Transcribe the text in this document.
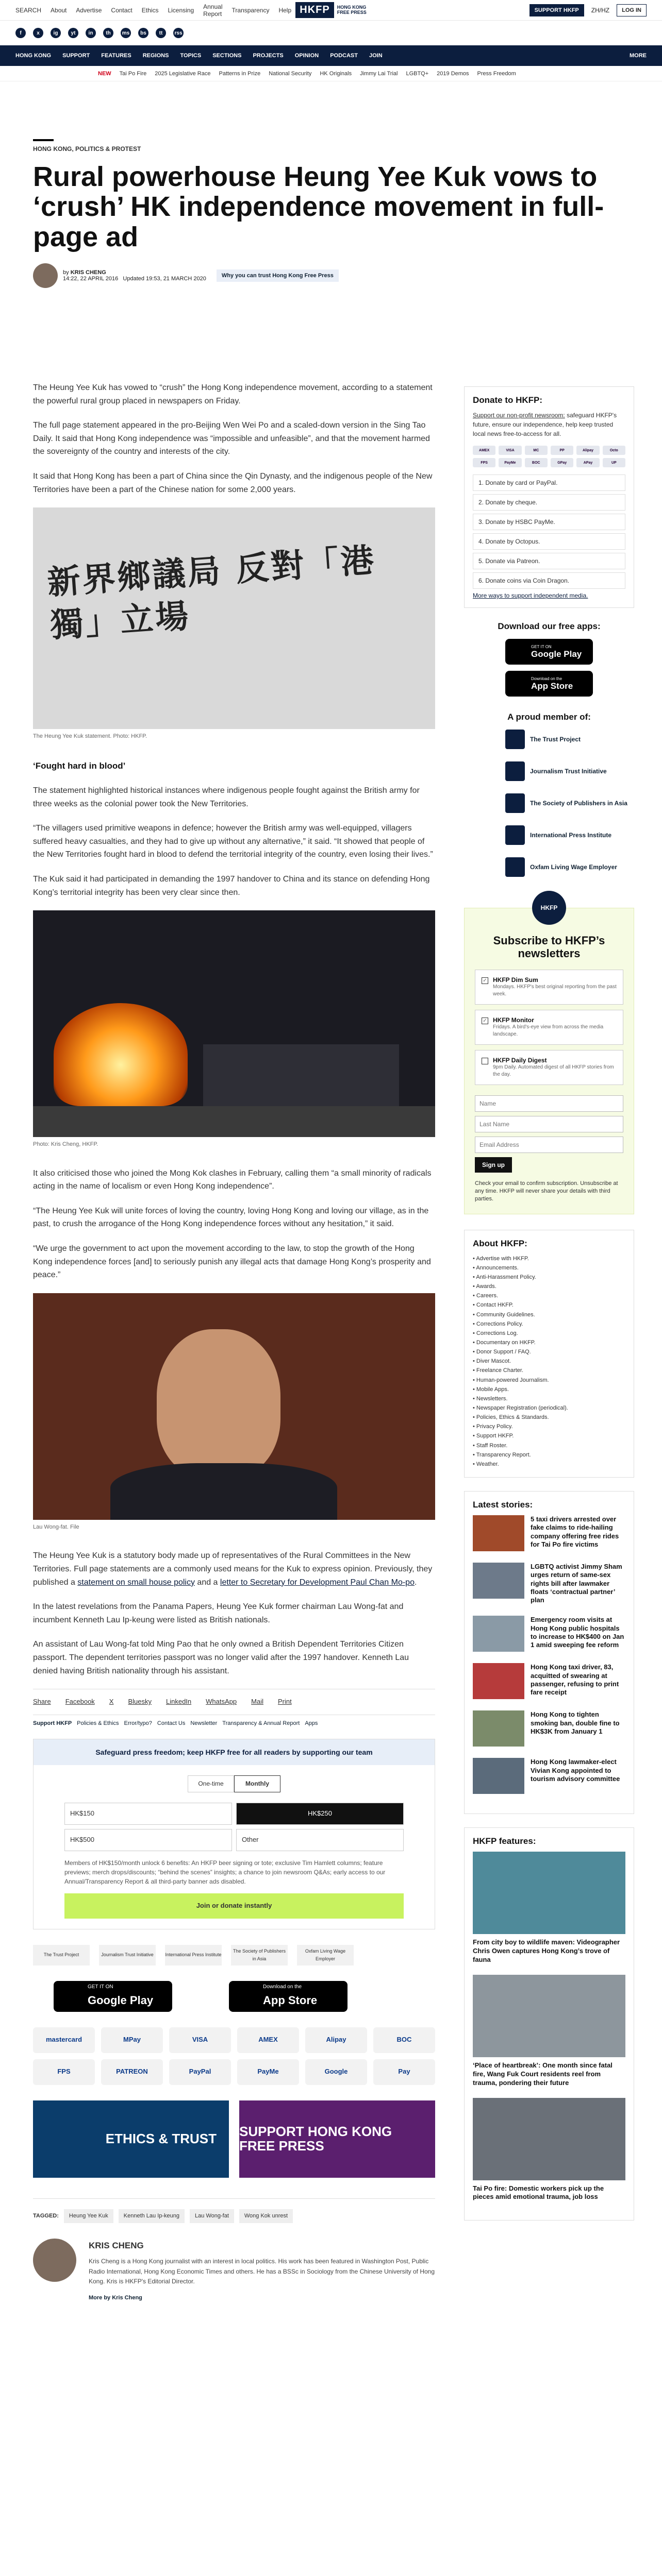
SEARCH About Advertise Contact Ethics Licensing Annual Report Transparency Help HKFP	HONG KONG
FREE PRESS	SUPPORT HKFP	ZH/HZ	LOG IN
f	x	ig	yt	in	th	ms	bs	tt	rss
HONG KONG SUPPORT FEATURES REGIONS TOPICS SECTIONS PROJECTS OPINION PODCAST JOIN	MORE
NEW Tai Po Fire 2025 Legislative Race Patterns in Prize National Security HK Originals Jimmy Lai Trial LGBTQ+ 2019 Demos Press Freedom
HONG KONG, POLITICS & PROTEST
Rural powerhouse Heung Yee Kuk vows to ‘crush’ HK independence movement in full-page ad
by KRIS CHENG
14:22, 22 APRIL 2016 Updated 19:53, 21 MARCH 2020	Why you can trust Hong Kong Free Press

The Heung Yee Kuk has vowed to “crush” the Hong Kong independence movement, according to a statement the powerful rural group placed in newspapers on Friday.

The full page statement appeared in the pro-Beijing Wen Wei Po and a scaled-down version in the Sing Tao Daily. It said that Hong Kong independence was “impossible and unfeasible”, and that the movement harmed the sovereignty of the country and interests of the city.

It said that Hong Kong has been a part of China since the Qin Dynasty, and the indigenous people of the New Territories have been a part of the Chinese nation for some 2,000 years.

新界鄉議局 反對「港獨」立場
The Heung Yee Kuk statement. Photo: HKFP.
‘Fought hard in blood’

The statement highlighted historical instances where indigenous people fought against the British army for three weeks as the colonial power took the New Territories.

“The villagers used primitive weapons in defence; however the British army was well-equipped, villagers suffered heavy casualties, and they had to give up without any alternative,” it said. “It showed that people of the New Territories fought hard in blood to defend the territorial integrity of the country, even losing their lives.”

The Kuk said it had participated in demanding the 1997 handover to China and its stance on defending Hong Kong’s territorial integrity has been very clear since then.

Photo: Kris Cheng, HKFP.

It also criticised those who joined the Mong Kok clashes in February, calling them “a small minority of radicals acting in the name of localism or even Hong Kong independence”.

“The Heung Yee Kuk will unite forces of loving the country, loving Hong Kong and loving our village, as in the past, to crush the arrogance of the Hong Kong independence forces without any hesitation,” it said.

“We urge the government to act upon the movement according to the law, to stop the growth of the Hong Kong independence forces [and] to seriously punish any illegal acts that damage Hong Kong’s prosperity and peace.”

Lau Wong-fat. File

The Heung Yee Kuk is a statutory body made up of representatives of the Rural Committees in the New Territories. Full page statements are a commonly used means for the Kuk to express opinion. Previously, they published a statement on small house policy and a letter to Secretary for Development Paul Chan Mo-po.

In the latest revelations from the Panama Papers, Heung Yee Kuk former chairman Lau Wong-fat and incumbent Kenneth Lau Ip-keung were listed as British nationals.

An assistant of Lau Wong-fat told Ming Pao that he only owned a British Dependent Territories Citizen passport. The dependent territories passport was no longer valid after the 1997 handover. Kenneth Lau denied having British nationality through his assistant.

Share Facebook X Bluesky LinkedIn WhatsApp Mail Print
Support HKFP Policies & Ethics Error/typo? Contact Us Newsletter Transparency & Annual Report Apps
Safeguard press freedom; keep HKFP free for all readers by supporting our team
One-time	Monthly
HK$150	HK$250
HK$500	Other
Members of HK$150/month unlock 6 benefits: An HKFP beer signing or tote; exclusive Tim Hamlett columns; feature previews; merch drops/discounts; “behind the scenes” insights; a chance to join newsroom Q&As; early access to our Annual/Transparency Report & all third-party banner ads disabled.
Join or donate instantly
The Trust Project	Journalism Trust Initiative	International Press Institute
The Society of Publishers in Asia
Oxfam Living Wage Employer
GET IT ON
Google Play
Download on the
App Store
mastercard	MPay	VISA	AMEX	Alipay	BOC
FPS	PATREON	PayPal	PayMe	Google	Pay
ETHICS & TRUST	SUPPORT HONG KONG FREE PRESS
TAGGED:	Heung Yee Kuk	Kenneth Lau Ip-keung	Lau Wong-fat	Wong Kok unrest
KRIS CHENG

Kris Cheng is a Hong Kong journalist with an interest in local politics. His work has been featured in Washington Post, Public Radio International, Hong Kong Economic Times and others. He has a BSSc in Sociology from the Chinese University of Hong Kong. Kris is HKFP's Editorial Director.

More by Kris Cheng
Donate to HKFP:
Support our non-profit newsroom: safeguard HKFP's future, ensure our independence, help keep trusted local news free-to-access for all.
AMEX	VISA	MC	PP	Alipay	Octo
FPS	PayMe	BOC	GPay	APay	UP
1. Donate by card or PayPal.
2. Donate by cheque.
3. Donate by HSBC PayMe.
4. Donate by Octopus.
5. Donate via Patreon.
6. Donate coins via Coin Dragon.
More ways to support independent media.
Download our free apps:
GET IT ON
Google Play
Download on the
App Store
A proud member of:
The Trust Project
Journalism Trust Initiative
The Society of Publishers in Asia
International Press Institute
Oxfam Living Wage Employer
HKFP
Subscribe to HKFP’s newsletters
✓ HKFP Dim Sum
Mondays. HKFP's best original reporting from the past week.
✓ HKFP Monitor
Fridays. A bird's-eye view from across the media landscape.
HKFP Daily Digest
9pm Daily. Automated digest of all HKFP stories from the day.
Name Last Name Email Address Sign up
Check your email to confirm subscription. Unsubscribe at any time. HKFP will never share your details with third parties.
About HKFP:
• Advertise with HKFP.
• Announcements.
• Anti-Harassment Policy.
• Awards.
• Careers.
• Contact HKFP.
• Community Guidelines.
• Corrections Policy.
• Corrections Log.
• Documentary on HKFP.
• Donor Support / FAQ.
• Diver Mascot.
• Freelance Charter.
• Human-powered Journalism.
• Mobile Apps.
• Newsletters.
• Newspaper Registration (periodical).
• Policies, Ethics & Standards.
• Privacy Policy.
• Support HKFP.
• Staff Roster.
• Transparency Report.
• Weather.
Latest stories:
5 taxi drivers arrested over fake claims to ride-hailing company offering free rides for Tai Po fire victims
LGBTQ activist Jimmy Sham urges return of same-sex rights bill after lawmaker floats ‘contractual partner’ plan
Emergency room visits at Hong Kong public hospitals to increase to HK$400 on Jan 1 amid sweeping fee reform
Hong Kong taxi driver, 83, acquitted of swearing at passenger, refusing to print fare receipt
Hong Kong to tighten smoking ban, double fine to HK$3K from January 1
Hong Kong lawmaker-elect Vivian Kong appointed to tourism advisory committee
HKFP features:
From city boy to wildlife maven: Videographer Chris Owen captures Hong Kong’s trove of fauna
‘Place of heartbreak’: One month since fatal fire, Wang Fuk Court residents reel from trauma, pondering their future
Tai Po fire: Domestic workers pick up the pieces amid emotional trauma, job loss
